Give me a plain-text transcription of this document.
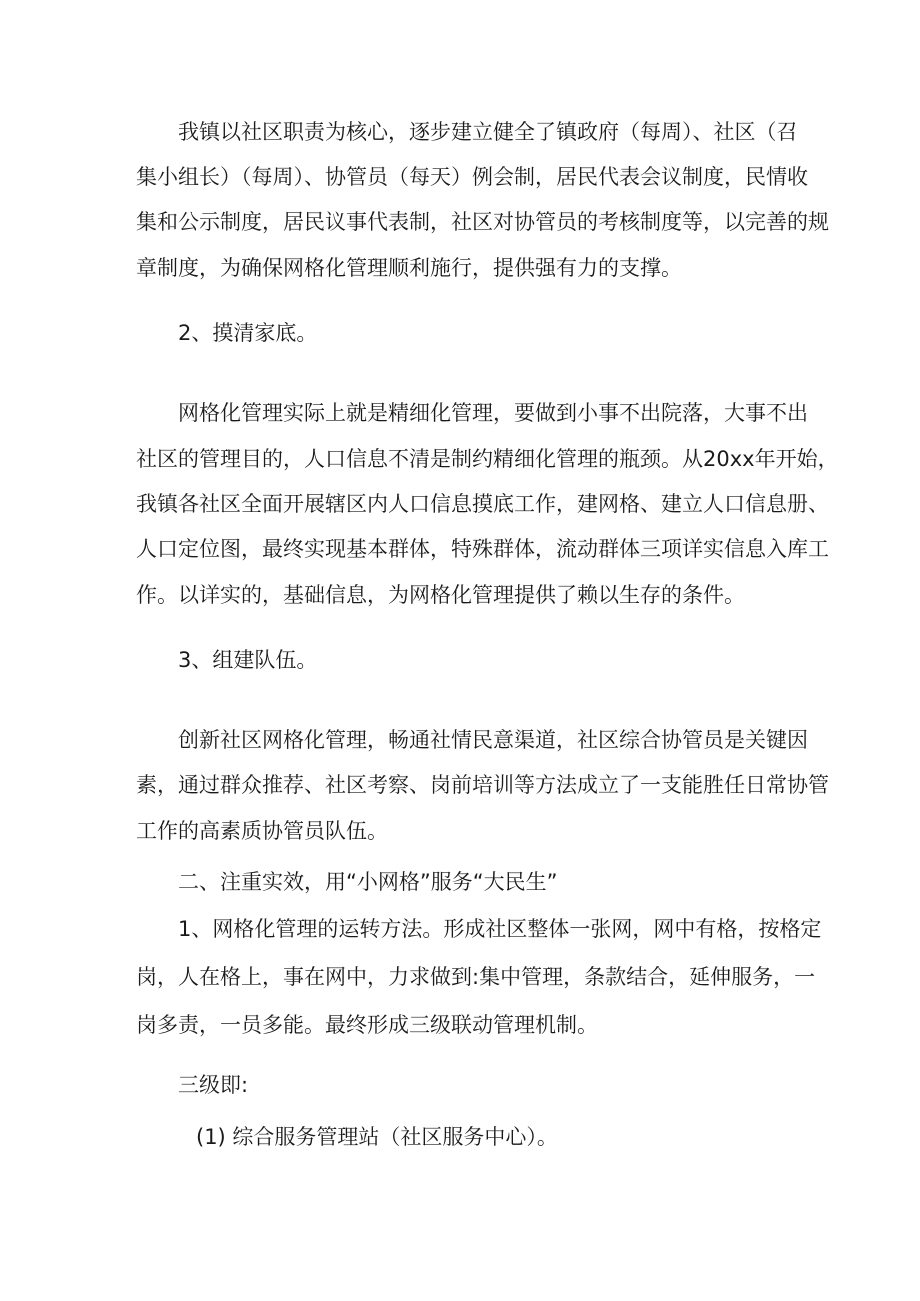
我镇以社区职责为核心，逐步建立健全了镇政府（每周）、社区（召
集小组长）（每周）、协管员（每天）例会制，居民代表会议制度，民情收
集和公示制度，居民议事代表制，社区对协管员的考核制度等，以完善的规
章制度，为确保网格化管理顺利施行，提供强有力的支撑。
2、摸清家底。
网格化管理实际上就是精细化管理，要做到小事不出院落，大事不出
社区的管理目的，人口信息不清是制约精细化管理的瓶颈。从20xx年开始，
我镇各社区全面开展辖区内人口信息摸底工作，建网格、建立人口信息册、
人口定位图，最终实现基本群体，特殊群体，流动群体三项详实信息入库工
作。以详实的，基础信息，为网格化管理提供了赖以生存的条件。
3、组建队伍。
创新社区网格化管理，畅通社情民意渠道，社区综合协管员是关键因
素，通过群众推荐、社区考察、岗前培训等方法成立了一支能胜任日常协管
工作的高素质协管员队伍。
二、注重实效，用“小网格”服务“大民生”
1、网格化管理的运转方法。形成社区整体一张网，网中有格，按格定
岗，人在格上，事在网中，力求做到:集中管理，条款结合，延伸服务，一
岗多责，一员多能。最终形成三级联动管理机制。
三级即:
(1) 综合服务管理站（社区服务中心）。
